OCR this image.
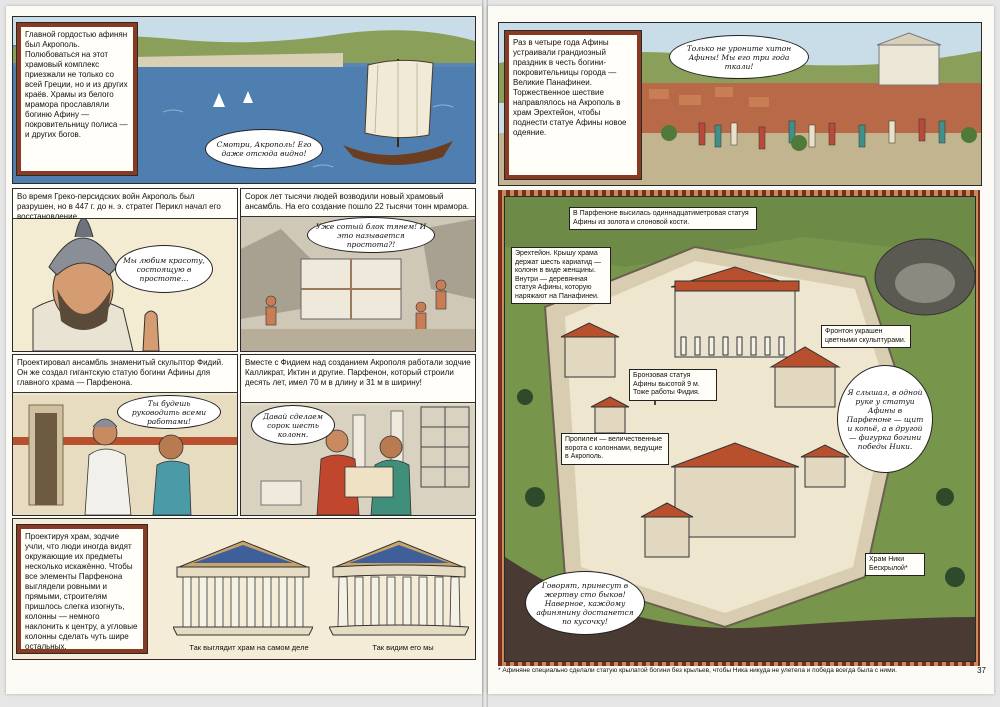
Главной гордостью афинян был Акрополь. Полюбоваться на этот храмовый комплекс приезжали не только со всей Греции, но и из других краёв. Храмы из белого мрамора прославляли богиню Афину — покровительницу полиса — и других богов.
Смотри, Акрополь! Его даже отсюда видно!
Во время Греко-персидских войн Акрополь был разрушен, но в 447 г. до н. э. стратег Перикл начал его восстановление.
Мы любим красоту, состоящую в простоте…
Сорок лет тысячи людей возводили новый храмовый ансамбль. На его создание пошло 22 тысячи тонн мрамора.
Уже сотый блок тянем! И это называется простота?!
Проектировал ансамбль знаменитый скульптор Фидий. Он же создал гигантскую статую богини Афины для главного храма — Парфенона.
Ты будешь руководить всеми работами!
Вместе с Фидием над созданием Акрополя работали зодчие Калликрат, Иктин и другие. Парфенон, который строили десять лет, имел 70 м в длину и 31 м в ширину!
Давай сделаем сорок шесть колонн.
Проектируя храм, зодчие учли, что люди иногда видят окружающие их предметы несколько искажённо. Чтобы все элементы Парфенона выглядели ровными и прямыми, строителям пришлось слегка изогнуть, колонны — немного наклонить к центру, а угловые колонны сделать чуть шире остальных.	Так выглядит храм на самом деле	Так видим его мы
Раз в четыре года Афины устраивали грандиозный праздник в честь богини-покровительницы города — Великие Панафинеи. Торжественное шествие направлялось на Акрополь в храм Эрехтейон, чтобы поднести статуе Афины новое одеяние.
Только не уроните хитон Афины! Мы его три года ткали!
В Парфеноне высилась одиннадцатиметровая статуя Афины из золота и слоновой кости.
Эрехтейон. Крышу храма держат шесть кариатид — колонн в виде женщины. Внутри — деревянная статуя Афины, которую наряжают на Панафинеи.
Фронтон украшен цветными скульптурами.
Бронзовая статуя Афины высотой 9 м. Тоже работы Фидия.
Пропилеи — величественные ворота с колоннами, ведущие в Акрополь.
Храм Ники Бескрылой*
Я слышал, в одной руке у статуи Афины в Парфеноне — щит и копьё, а в другой — фигурка богини победы Ники.
Говорят, принесут в жертву сто быков! Наверное, каждому афинянину достанется по кусочку!
* Афиняне специально сделали статую крылатой богини без крыльев, чтобы Ника никуда не улетела и победа всегда была с ними.	37
